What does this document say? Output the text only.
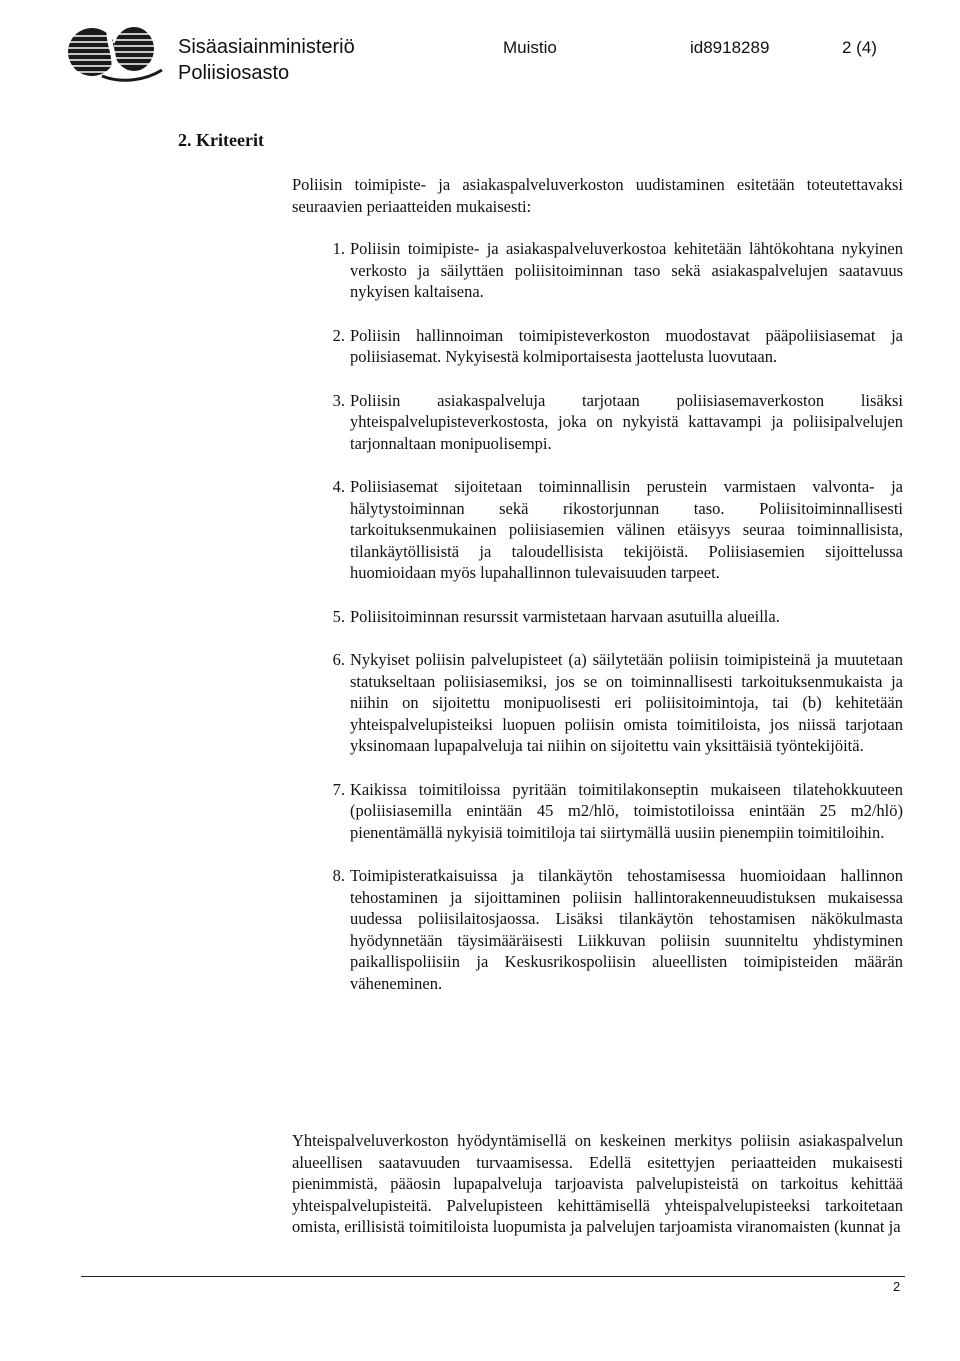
Sisäasiainministeriö
Poliisiosasto
Muistio	id8918289	2 (4)
2. Kriteerit

Poliisin toimipiste- ja asiakaspalveluverkoston uudistaminen esitetään toteutettavaksi seuraavien periaatteiden mukaisesti:

1. Poliisin toimipiste- ja asiakaspalveluverkostoa kehitetään lähtökohtana nykyinen verkosto ja säilyttäen poliisitoiminnan taso sekä asiakaspalvelujen saatavuus nykyisen kaltaisena.
2. Poliisin hallinnoiman toimipisteverkoston muodostavat pääpoliisiasemat ja poliisiasemat. Nykyisestä kolmiportaisesta jaottelusta luovutaan.
3. Poliisin asiakaspalveluja tarjotaan poliisiasemaverkoston lisäksi yhteispalvelupisteverkostosta, joka on nykyistä kattavampi ja poliisipalvelujen tarjonnaltaan monipuolisempi.
4. Poliisiasemat sijoitetaan toiminnallisin perustein varmistaen valvonta- ja hälytystoiminnan sekä rikostorjunnan taso. Poliisitoiminnallisesti tarkoituksenmukainen poliisiasemien välinen etäisyys seuraa toiminnallisista, tilankäytöllisistä ja taloudellisista tekijöistä. Poliisiasemien sijoittelussa huomioidaan myös lupahallinnon tulevaisuuden tarpeet.
5. Poliisitoiminnan resurssit varmistetaan harvaan asutuilla alueilla.
6. Nykyiset poliisin palvelupisteet (a) säilytetään poliisin toimipisteinä ja muutetaan statukseltaan poliisiasemiksi, jos se on toiminnallisesti tarkoituksenmukaista ja niihin on sijoitettu monipuolisesti eri poliisitoimintoja, tai (b) kehitetään yhteispalvelupisteiksi luopuen poliisin omista toimitiloista, jos niissä tarjotaan yksinomaan lupapalveluja tai niihin on sijoitettu vain yksittäisiä työntekijöitä.
7. Kaikissa toimitiloissa pyritään toimitilakonseptin mukaiseen tilatehokkuuteen (poliisiasemilla enintään 45 m2/hlö, toimistotiloissa enintään 25 m2/hlö) pienentämällä nykyisiä toimitiloja tai siirtymällä uusiin pienempiin toimitiloihin.
8. Toimipisteratkaisuissa ja tilankäytön tehostamisessa huomioidaan hallinnon tehostaminen ja sijoittaminen poliisin hallintorakenneuudistuksen mukaisessa uudessa poliisilaitosjaossa. Lisäksi tilankäytön tehostamisen näkökulmasta hyödynnetään täysimääräisesti Liikkuvan poliisin suunniteltu yhdistyminen paikallispoliisiin ja Keskusrikospoliisin alueellisten toimipisteiden määrän väheneminen.

Yhteispalveluverkoston hyödyntämisellä on keskeinen merkitys poliisin asiakaspalvelun alueellisen saatavuuden turvaamisessa. Edellä esitettyjen periaatteiden mukaisesti pienimmistä, pääosin lupapalveluja tarjoavista palvelupisteistä on tarkoitus kehittää yhteispalvelupisteitä. Palvelupisteen kehittämisellä yhteispalvelupisteeksi tarkoitetaan omista, erillisistä toimitiloista luopumista ja palvelujen tarjoamista viranomaisten (kunnat ja

2
